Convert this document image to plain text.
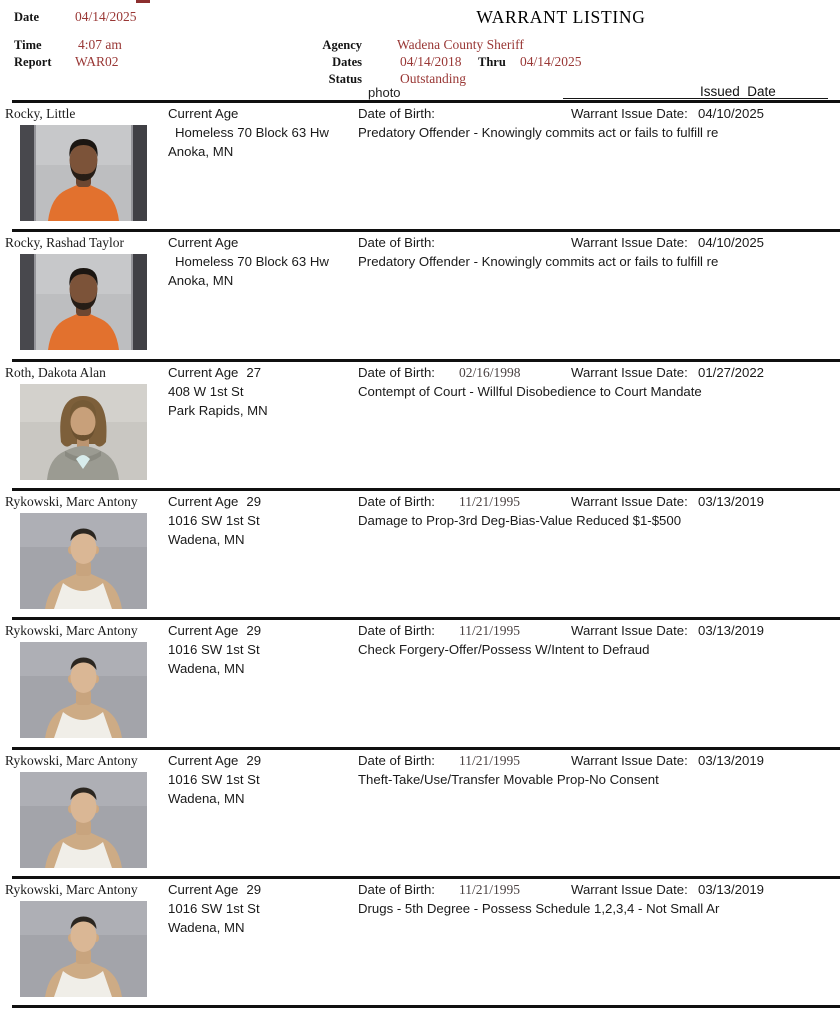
Date	04/14/2025
Time	4:07 am
Report WAR02
WARRANT LISTING
Agency	Wadena County Sheriff
Dates	04/14/2018 Thru 04/14/2025
Status	Outstanding
photo	Issued  Date
Rocky, Little	Current Age
Homeless 70 Block 63 Hw
Anoka, MN
Date of Birth:	Warrant Issue Date: 04/10/2025
Predatory Offender - Knowingly commits act or fails to fulfill re
Rocky, Rashad Taylor	Current Age
Homeless 70 Block 63 Hw
Anoka, MN
Date of Birth:	Warrant Issue Date: 04/10/2025
Predatory Offender - Knowingly commits act or fails to fulfill re
Roth, Dakota Alan	Current Age 27
408 W 1st St
Park Rapids, MN
Date of Birth: 02/16/1998	Warrant Issue Date: 01/27/2022
Contempt of Court - Willful Disobedience to Court Mandate
Rykowski, Marc Antony Current Age 29
1016 SW 1st St
Wadena, MN
Date of Birth: 11/21/1995	Warrant Issue Date: 03/13/2019
Damage to Prop-3rd Deg-Bias-Value Reduced $1-$500
Rykowski, Marc Antony Current Age 29
1016 SW 1st St
Wadena, MN
Date of Birth: 11/21/1995	Warrant Issue Date: 03/13/2019
Check Forgery-Offer/Possess W/Intent to Defraud
Rykowski, Marc Antony Current Age 29
1016 SW 1st St
Wadena, MN
Date of Birth: 11/21/1995	Warrant Issue Date: 03/13/2019
Theft-Take/Use/Transfer Movable Prop-No Consent
Rykowski, Marc Antony Current Age 29
1016 SW 1st St
Wadena, MN
Date of Birth: 11/21/1995	Warrant Issue Date: 03/13/2019
Drugs - 5th Degree - Possess Schedule 1,2,3,4 - Not Small Ar
